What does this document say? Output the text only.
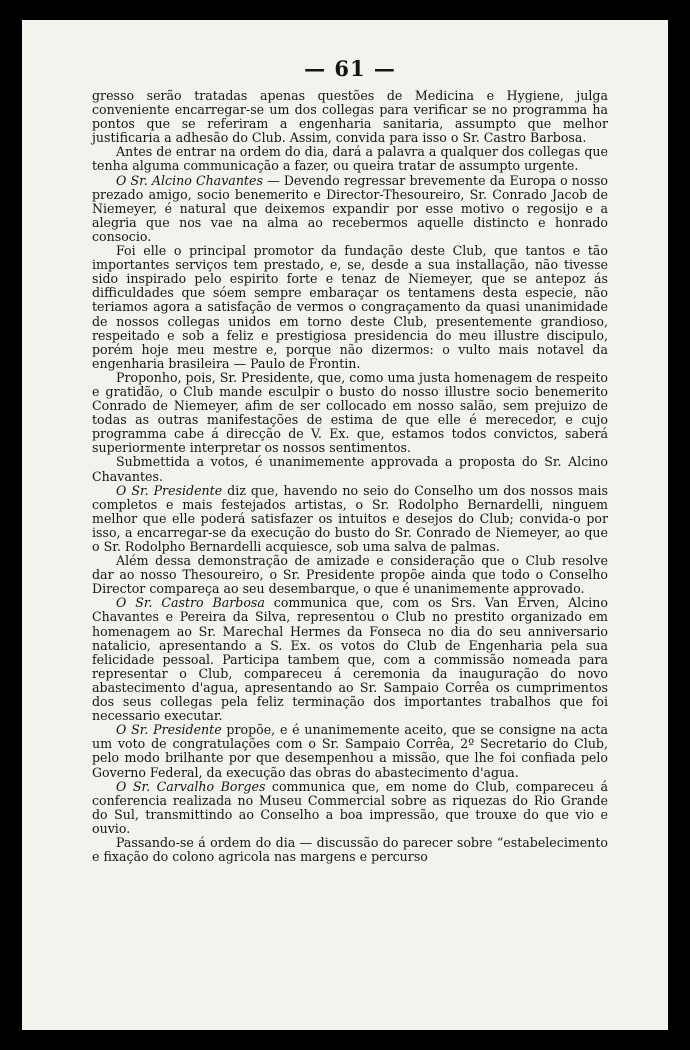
— 61 —

gresso serão tratadas apenas questões de Medicina e Hygiene, julga conveniente encarregar-se um dos collegas para verificar se no programma ha pontos que se referiram a engenharia sanitaria, assumpto que melhor justificaria a adhesão do Club. Assim, convida para isso o Sr. Castro Barbosa.

Antes de entrar na ordem do dia, dará a palavra a qualquer dos collegas que tenha alguma communicação a fazer, ou queira tratar de assumpto urgente.

O Sr. Alcino Chavantes — Devendo regressar brevemente da Europa o nosso prezado amigo, socio benemerito e Director-Thesoureiro, Sr. Conrado Jacob de Niemeyer, é natural que deixemos expandir por esse motivo o regosijo e a alegria que nos vae na alma ao recebermos aquelle distincto e honrado consocio.

Foi elle o principal promotor da fundação deste Club, que tantos e tão importantes serviços tem prestado, e, se, desde a sua installação, não tivesse sido inspirado pelo espirito forte e tenaz de Niemeyer, que se antepoz ás difficuldades que sóem sempre embaraçar os tentamens desta especie, não teriamos agora a satisfação de vermos o congraçamento da quasi unanimidade de nossos collegas unidos em torno deste Club, presentemente grandioso, respeitado e sob a feliz e prestigiosa presidencia do meu illustre discipulo, porém hoje meu mestre e, porque não dizermos: o vulto mais notavel da engenharia brasileira — Paulo de Frontin.

Proponho, pois, Sr. Presidente, que, como uma justa homenagem de respeito e gratidão, o Club mande esculpir o busto do nosso illustre socio benemerito Conrado de Niemeyer, afim de ser collocado em nosso salão, sem prejuizo de todas as outras manifestações de estima de que elle é merecedor, e cujo programma cabe á direcção de V. Ex. que, estamos todos convictos, saberá superiormente interpretar os nossos sentimentos.

Submettida a votos, é unanimemente approvada a proposta do Sr. Alcino Chavantes.

O Sr. Presidente diz que, havendo no seio do Conselho um dos nossos mais completos e mais festejados artistas, o Sr. Rodolpho Bernardelli, ninguem melhor que elle poderá satisfazer os intuitos e desejos do Club; convida-o por isso, a encarregar-se da execução do busto do Sr. Conrado de Niemeyer, ao que o Sr. Rodolpho Bernardelli acquiesce, sob uma salva de palmas.

Além dessa demonstração de amizade e consideração que o Club resolve dar ao nosso Thesoureiro, o Sr. Presidente propõe ainda que todo o Conselho Director compareça ao seu desembarque, o que é unanimemente approvado.

O Sr. Castro Barbosa communica que, com os Srs. Van Erven, Alcino Chavantes e Pereira da Silva, representou o Club no prestito organizado em homenagem ao Sr. Marechal Hermes da Fonseca no dia do seu anniversario natalicio, apresentando a S. Ex. os votos do Club de Engenharia pela sua felicidade pessoal. Participa tambem que, com a commissão nomeada para representar o Club, compareceu á ceremonia da inauguração do novo abastecimento d'agua, apresentando ao Sr. Sampaio Corrêa os cumprimentos dos seus collegas pela feliz terminação dos importantes trabalhos que foi necessario executar.

O Sr. Presidente propõe, e é unanimemente aceito, que se consigne na acta um voto de congratulações com o Sr. Sampaio Corrêa, 2º Secretario do Club, pelo modo brilhante por que desempenhou a missão, que lhe foi confiada pelo Governo Federal, da execução das obras do abastecimento d'agua.

O Sr. Carvalho Borges communica que, em nome do Club, compareceu á conferencia realizada no Museu Commercial sobre as riquezas do Rio Grande do Sul, transmittindo ao Conselho a boa impressão, que trouxe do que vio e ouvio.

Passando-se á ordem do dia — discussão do parecer sobre “estabelecimento e fixação do colono agricola nas margens e percurso
